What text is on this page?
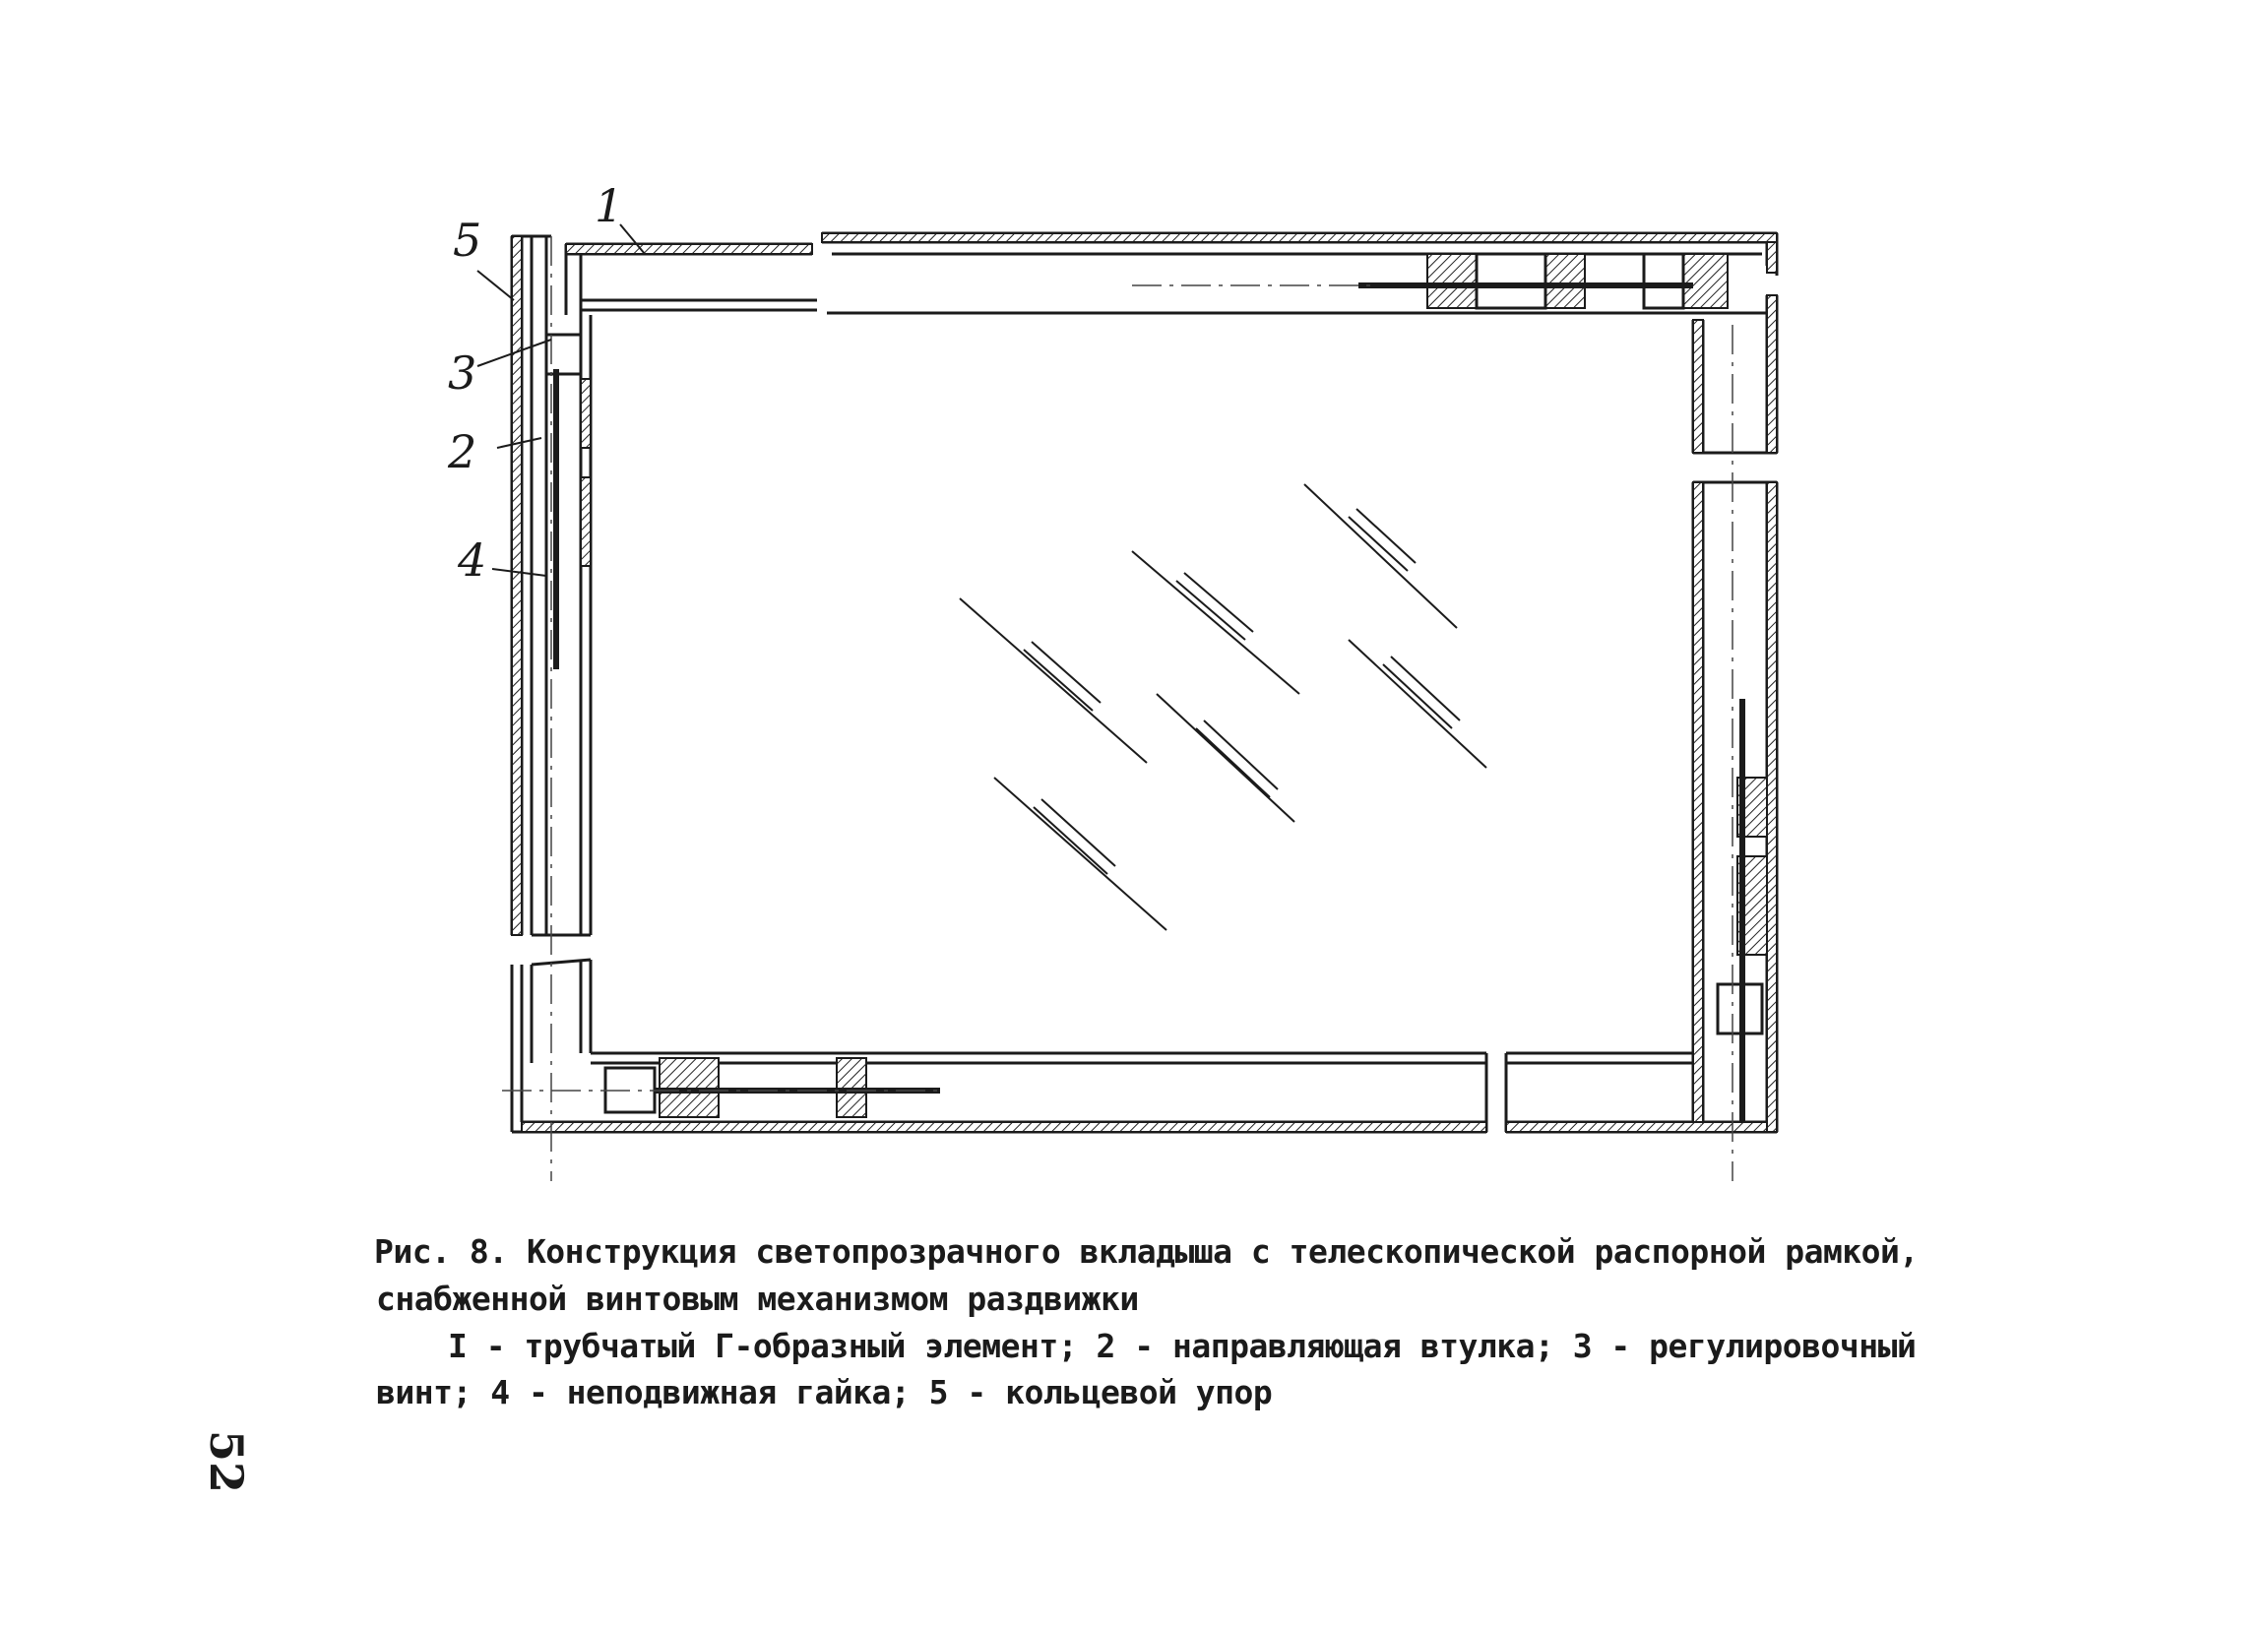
1
5
3
2
4
Рис. 8. Конструкция светопрозрачного вкладыша с телескопической распорной рамкой,
снабженной винтовым механизмом раздвижки
I - трубчатый Г-образный элемент; 2 - направляющая втулка; 3 - регулировочный
винт; 4 - неподвижная гайка; 5 - кольцевой упор
52
